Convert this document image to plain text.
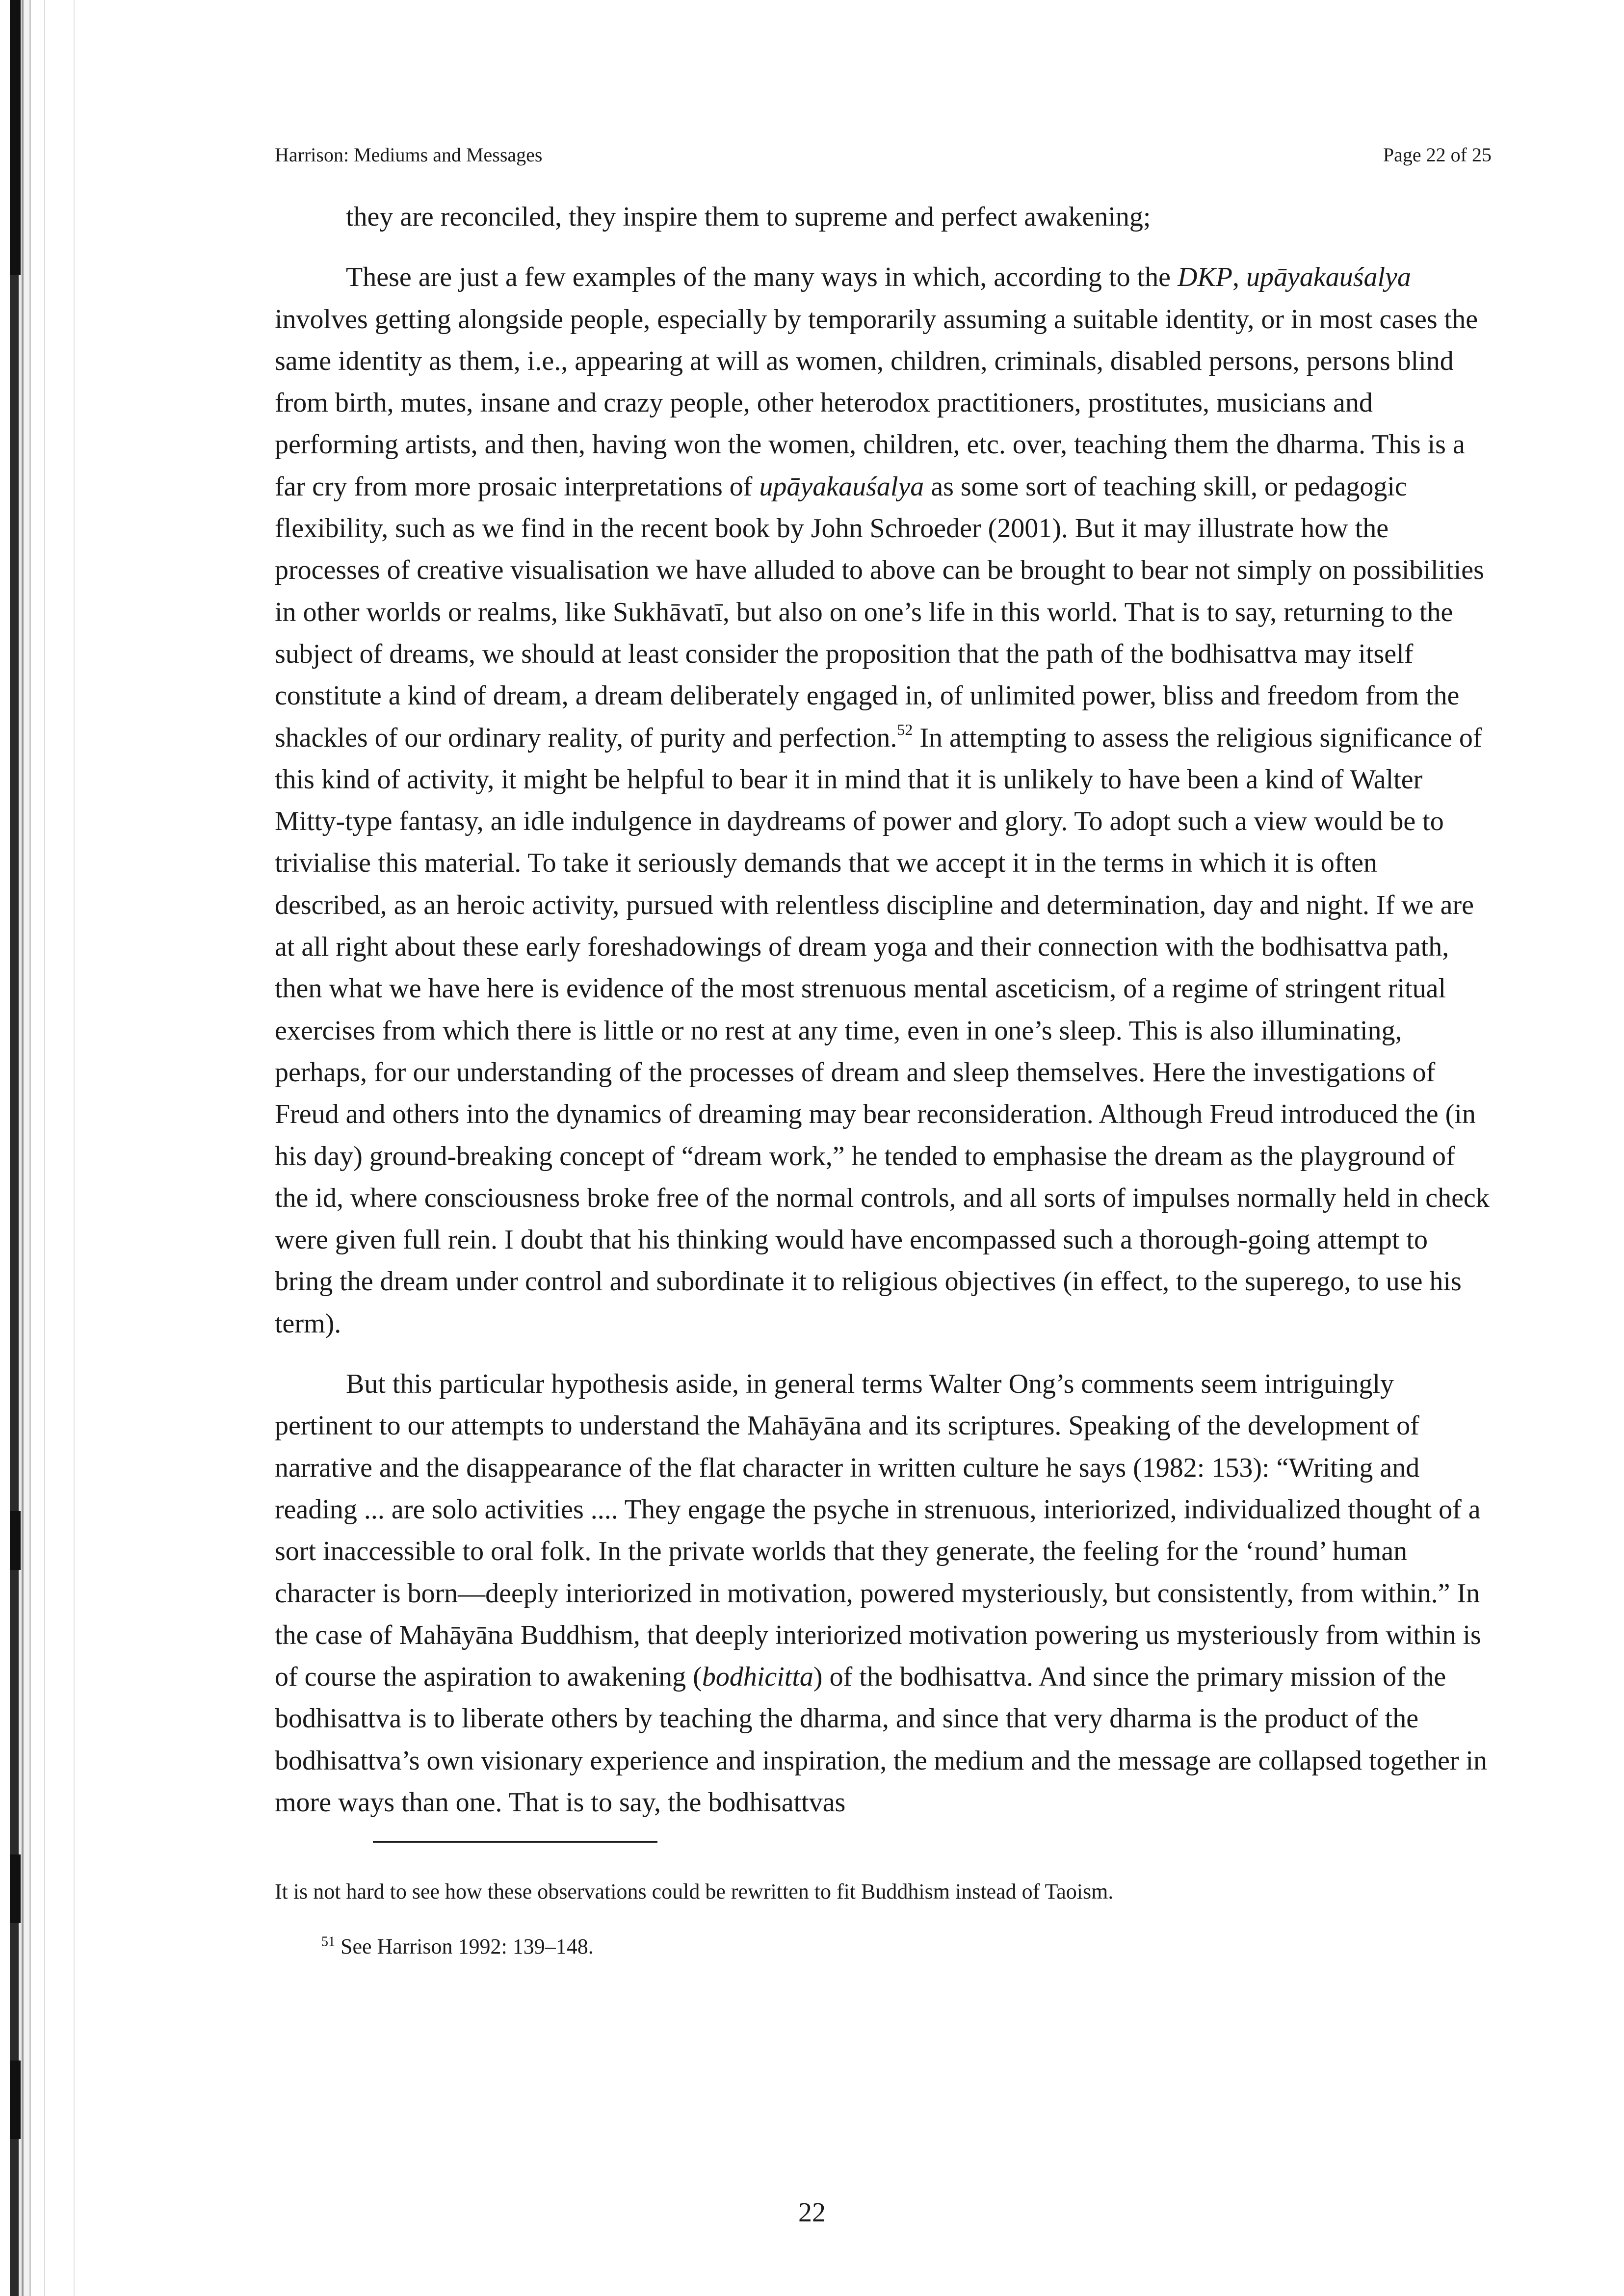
Harrison: Mediums and Messages	Page 22 of 25

they are reconciled, they inspire them to supreme and perfect awakening;

These are just a few examples of the many ways in which, according to the DKP, upāyakauśalya involves getting alongside people, especially by temporarily assuming a suitable identity, or in most cases the same identity as them, i.e., appearing at will as women, children, criminals, disabled persons, persons blind from birth, mutes, insane and crazy people, other heterodox practitioners, prostitutes, musicians and performing artists, and then, having won the women, children, etc. over, teaching them the dharma. This is a far cry from more prosaic interpretations of upāyakauśalya as some sort of teaching skill, or pedagogic flexibility, such as we find in the recent book by John Schroeder (2001). But it may illustrate how the processes of creative visualisation we have alluded to above can be brought to bear not simply on possibilities in other worlds or realms, like Sukhāvatī, but also on one’s life in this world. That is to say, returning to the subject of dreams, we should at least consider the proposition that the path of the bodhisattva may itself constitute a kind of dream, a dream deliberately engaged in, of unlimited power, bliss and freedom from the shackles of our ordinary reality, of purity and perfection.$^{52}$ In attempting to assess the religious significance of this kind of activity, it might be helpful to bear it in mind that it is unlikely to have been a kind of Walter Mitty-type fantasy, an idle indulgence in daydreams of power and glory. To adopt such a view would be to trivialise this material. To take it seriously demands that we accept it in the terms in which it is often described, as an heroic activity, pursued with relentless discipline and determination, day and night. If we are at all right about these early foreshadowings of dream yoga and their connection with the bodhisattva path, then what we have here is evidence of the most strenuous mental asceticism, of a regime of stringent ritual exercises from which there is little or no rest at any time, even in one’s sleep. This is also illuminating, perhaps, for our understanding of the processes of dream and sleep themselves. Here the investigations of Freud and others into the dynamics of dreaming may bear reconsideration. Although Freud introduced the (in his day) ground-breaking concept of “dream work,” he tended to emphasise the dream as the playground of the id, where consciousness broke free of the normal controls, and all sorts of impulses normally held in check were given full rein. I doubt that his thinking would have encompassed such a thorough-going attempt to bring the dream under control and subordinate it to religious objectives (in effect, to the superego, to use his term).

But this particular hypothesis aside, in general terms Walter Ong’s comments seem intriguingly pertinent to our attempts to understand the Mahāyāna and its scriptures. Speaking of the development of narrative and the disappearance of the flat character in written culture he says (1982: 153): “Writing and reading ... are solo activities .... They engage the psyche in strenuous, interiorized, individualized thought of a sort inaccessible to oral folk. In the private worlds that they generate, the feeling for the ‘round’ human character is born—deeply interiorized in motivation, powered mysteriously, but consistently, from within.” In the case of Mahāyāna Buddhism, that deeply interiorized motivation powering us mysteriously from within is of course the aspiration to awakening (bodhicitta) of the bodhisattva. And since the primary mission of the bodhisattva is to liberate others by teaching the dharma, and since that very dharma is the product of the bodhisattva’s own visionary experience and inspiration, the medium and the message are collapsed together in more ways than one. That is to say, the bodhisattvas

It is not hard to see how these observations could be rewritten to fit Buddhism instead of Taoism.

$^{51}$ See Harrison 1992: 139–148.

22
